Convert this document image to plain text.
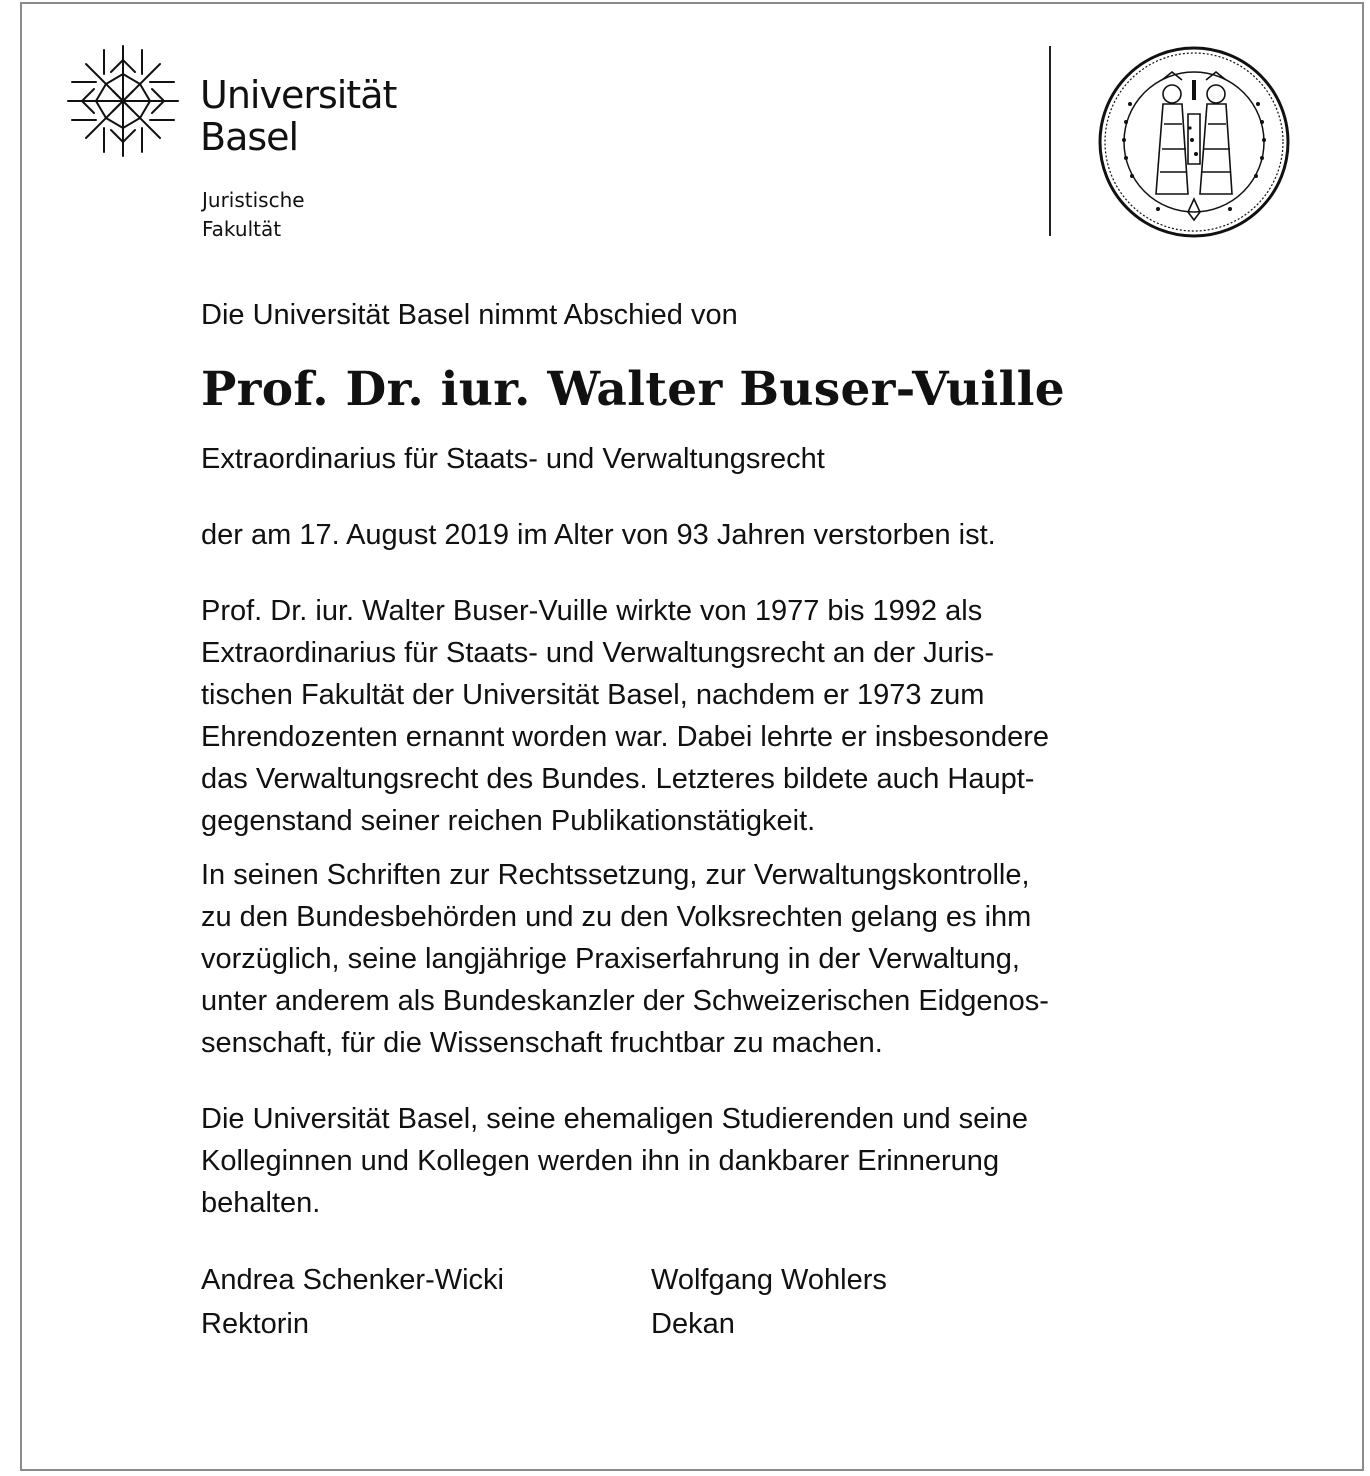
Universität
Basel
Juristische
Fakultät

Die Universität Basel nimmt Abschied von

Prof. Dr. iur. Walter Buser-Vuille

Extraordinarius für Staats- und Verwaltungsrecht

der am 17. August 2019 im Alter von 93 Jahren verstorben ist.

Prof. Dr. iur. Walter Buser-Vuille wirkte von 1977 bis 1992 als
Extraordinarius für Staats- und Verwaltungsrecht an der Juris-
tischen Fakultät der Universität Basel, nachdem er 1973 zum
Ehrendozenten ernannt worden war. Dabei lehrte er insbesondere
das Verwaltungsrecht des Bundes. Letzteres bildete auch Haupt-
gegenstand seiner reichen Publikationstätigkeit.
In seinen Schriften zur Rechtssetzung, zur Verwaltungskontrolle,
zu den Bundesbehörden und zu den Volksrechten gelang es ihm
vorzüglich, seine langjährige Praxiserfahrung in der Verwaltung,
unter anderem als Bundeskanzler der Schweizerischen Eidgenos-
senschaft, für die Wissenschaft fruchtbar zu machen.
Die Universität Basel, seine ehemaligen Studierenden und seine
Kolleginnen und Kollegen werden ihn in dankbarer Erinnerung
behalten.
Andrea Schenker-Wicki
Rektorin
Wolfgang Wohlers
Dekan
